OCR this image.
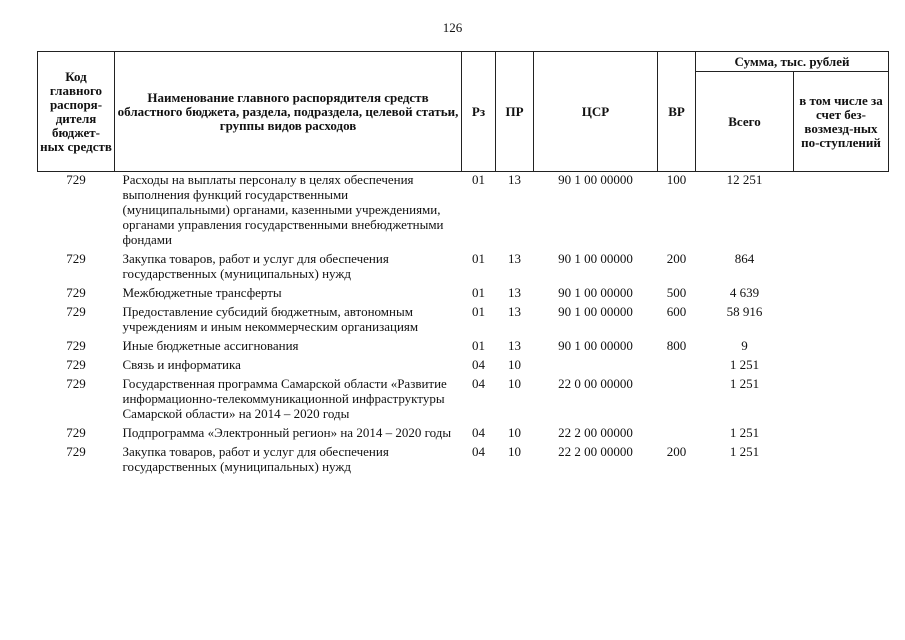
126
Код главного распоря-дителя бюджет-ных средств	Наименование главного распорядителя средств областного бюджета, раздела, подраздела, целевой статьи, группы видов расходов	Рз	ПР	ЦСР	ВР	Сумма, тыс. рублей	
						Всего	в том числе за счет без-возмезд-ных по-ступлений
729	Расходы на выплаты персоналу в целях обеспечения выполнения функций государственными (муниципальными) органами, казенными учреждениями, органами управления государственными внебюджетными фондами	01	13	90 1 00 00000	100	12 251	
729	Закупка товаров, работ и услуг для обеспечения государственных (муниципальных) нужд	01	13	90 1 00 00000	200	864	
729	Межбюджетные трансферты	01	13	90 1 00 00000	500	4 639	
729	Предоставление субсидий бюджетным, автономным учреждениям и иным некоммерческим организациям	01	13	90 1 00 00000	600	58 916	
729	Иные бюджетные ассигнования	01	13	90 1 00 00000	800	9	
729	Связь и информатика	04	10			1 251	
729	Государственная программа Самарской области «Развитие информационно-телекоммуникационной инфраструктуры Самарской области» на 2014 – 2020 годы	04	10	22 0 00 00000		1 251	
729	Подпрограмма «Электронный регион» на 2014 – 2020 годы	04	10	22 2 00 00000		1 251	
729	Закупка товаров, работ и услуг для обеспечения государственных (муниципальных) нужд	04	10	22 2 00 00000	200	1 251	
